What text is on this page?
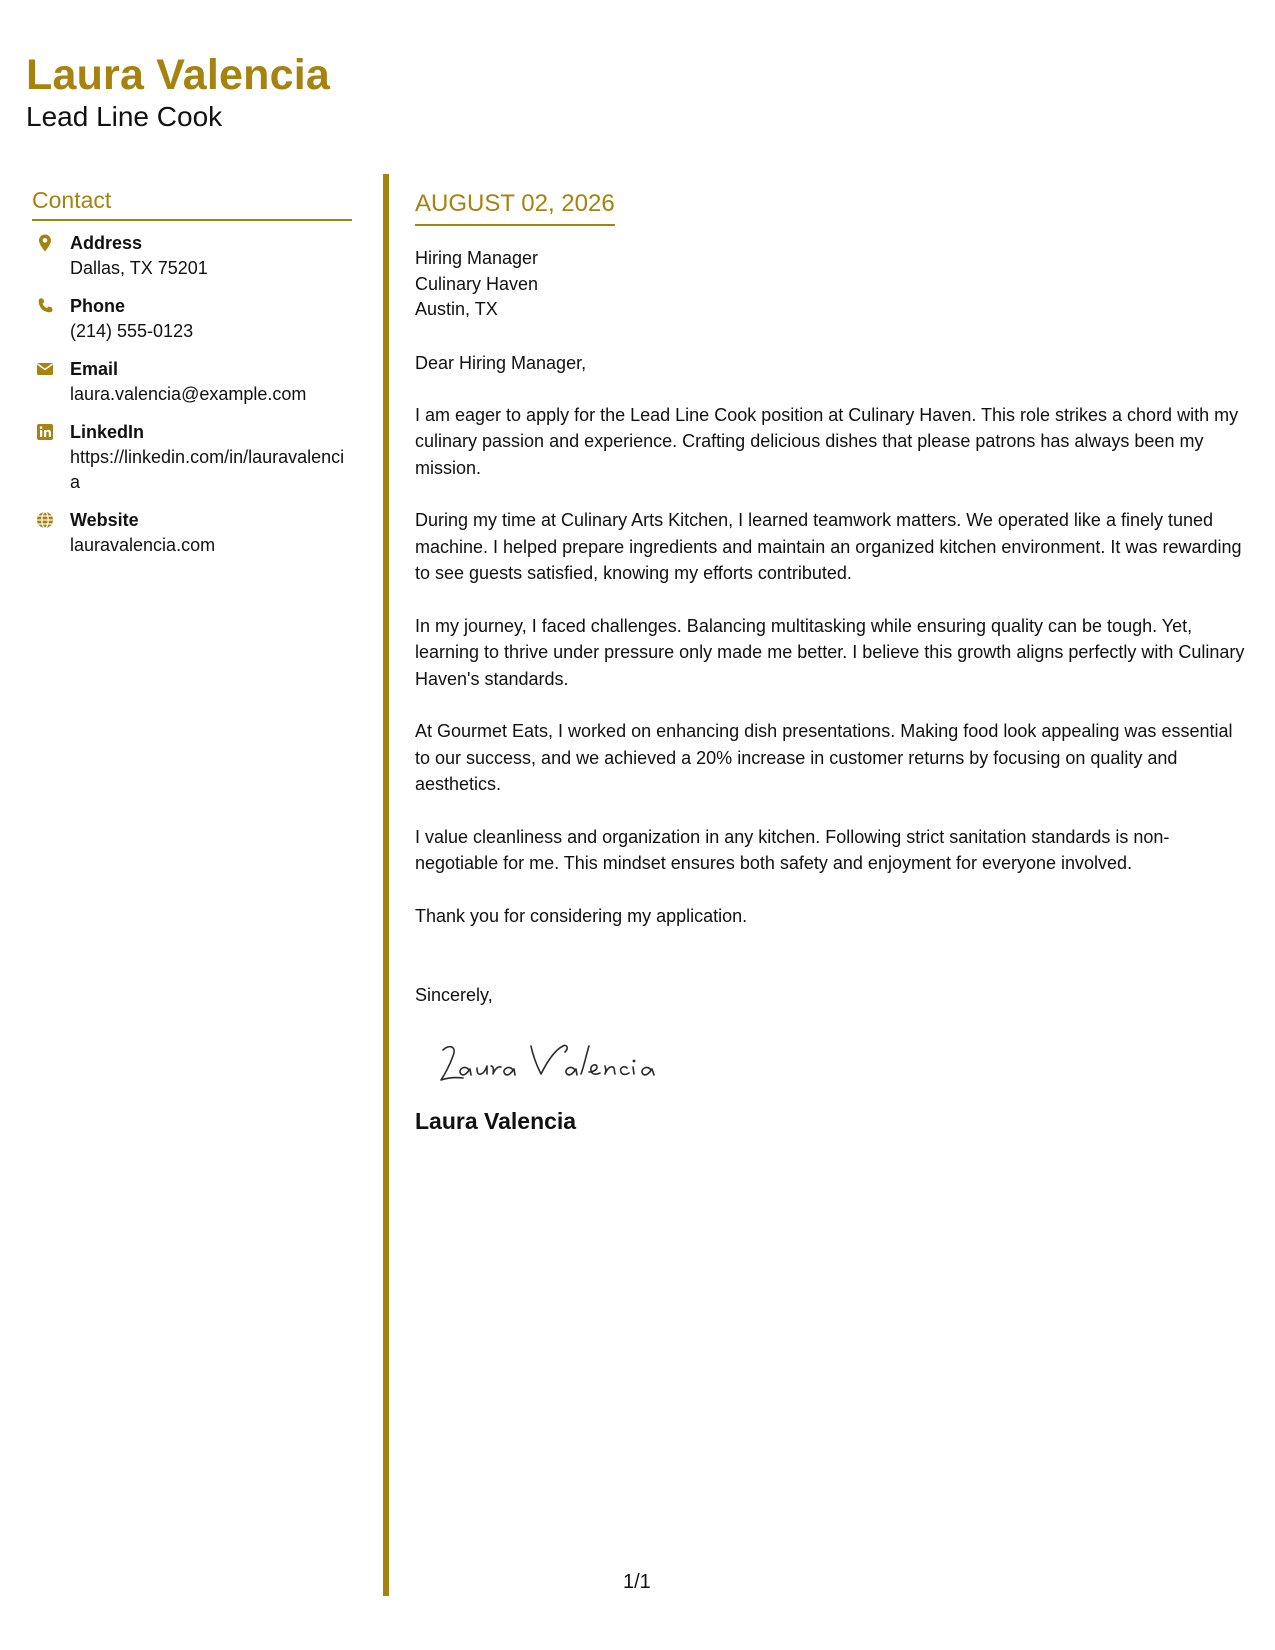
Laura Valencia
Lead Line Cook
Contact
Address
Dallas, TX 75201
Phone
(214) 555-0123
Email
laura.valencia@example.com
LinkedIn
https://linkedin.com/in/lauravalencia
Website
lauravalencia.com
AUGUST 02, 2026
Hiring Manager
Culinary Haven
Austin, TX
Dear Hiring Manager,
I am eager to apply for the Lead Line Cook position at Culinary Haven. This role strikes a chord with my culinary passion and experience. Crafting delicious dishes that please patrons has always been my mission.
During my time at Culinary Arts Kitchen, I learned teamwork matters. We operated like a finely tuned machine. I helped prepare ingredients and maintain an organized kitchen environment. It was rewarding to see guests satisfied, knowing my efforts contributed.
In my journey, I faced challenges. Balancing multitasking while ensuring quality can be tough. Yet, learning to thrive under pressure only made me better. I believe this growth aligns perfectly with Culinary Haven's standards.
At Gourmet Eats, I worked on enhancing dish presentations. Making food look appealing was essential to our success, and we achieved a 20% increase in customer returns by focusing on quality and aesthetics.
I value cleanliness and organization in any kitchen. Following strict sanitation standards is non-negotiable for me. This mindset ensures both safety and enjoyment for everyone involved.
Thank you for considering my application.
Sincerely,
Laura Valencia
1/1
